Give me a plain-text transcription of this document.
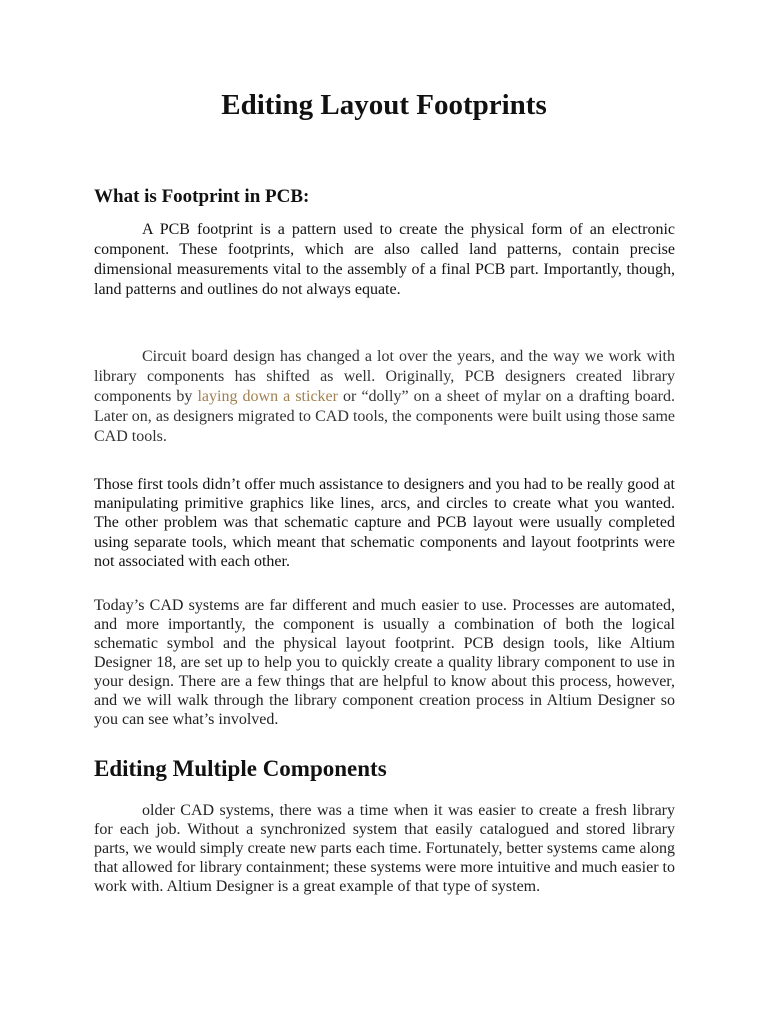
Editing Layout Footprints
What is Footprint in PCB:

A PCB footprint is a pattern used to create the physical form of an electronic component. These footprints, which are also called land patterns, contain precise dimensional measurements vital to the assembly of a final PCB part. Importantly, though, land patterns and outlines do not always equate.

Circuit board design has changed a lot over the years, and the way we work with library components has shifted as well. Originally, PCB designers created library components by laying down a sticker or “dolly” on a sheet of mylar on a drafting board. Later on, as designers migrated to CAD tools, the components were built using those same CAD tools.

Those first tools didn’t offer much assistance to designers and you had to be really good at manipulating primitive graphics like lines, arcs, and circles to create what you wanted. The other problem was that schematic capture and PCB layout were usually completed using separate tools, which meant that schematic components and layout footprints were not associated with each other.

Today’s CAD systems are far different and much easier to use. Processes are automated, and more importantly, the component is usually a combination of both the logical schematic symbol and the physical layout footprint. PCB design tools, like Altium Designer 18, are set up to help you to quickly create a quality library component to use in your design. There are a few things that are helpful to know about this process, however, and we will walk through the library component creation process in Altium Designer so you can see what’s involved.

Editing Multiple Components

older CAD systems, there was a time when it was easier to create a fresh library for each job. Without a synchronized system that easily catalogued and stored library parts, we would simply create new parts each time. Fortunately, better systems came along that allowed for library containment; these systems were more intuitive and much easier to work with. Altium Designer is a great example of that type of system.
